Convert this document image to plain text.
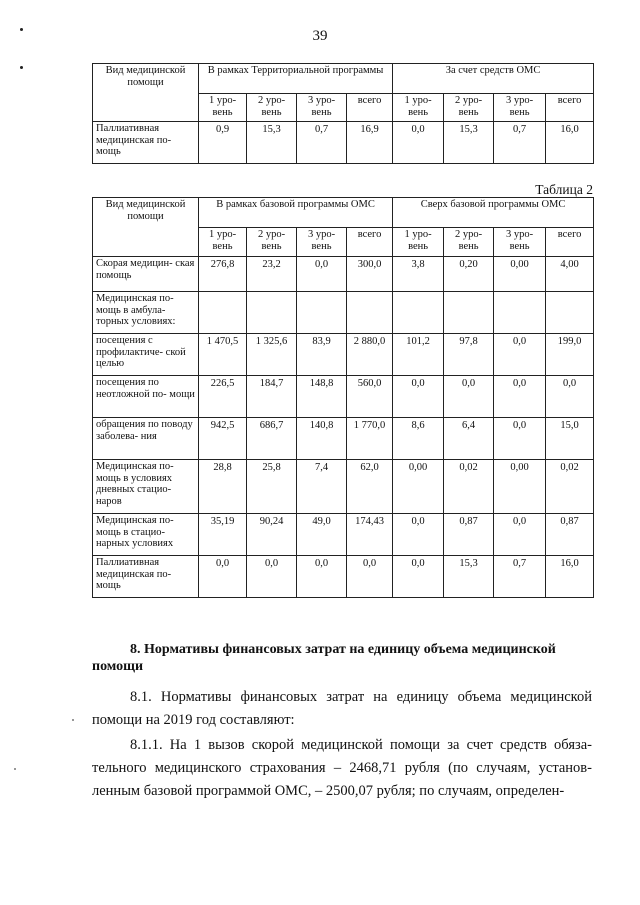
39
Вид медицинской помощи	В рамках Территориальной программы				За счет средств ОМС			
	1 уро- вень	2 уро- вень	3 уро- вень	всего	1 уро- вень	2 уро- вень	3 уро- вень	всего
Паллиативная медицинская по- мощь	0,9	15,3	0,7	16,9	0,0	15,3	0,7	16,0
Таблица 2
Вид медицинской помощи	В рамках базовой программы ОМС				Сверх базовой программы ОМС			
	1 уро- вень	2 уро- вень	3 уро- вень	всего	1 уро- вень	2 уро- вень	3 уро- вень	всего
Скорая медицин- ская помощь	276,8	23,2	0,0	300,0	3,8	0,20	0,00	4,00
Медицинская по- мощь в амбула- торных условиях:								
посещения с профилактиче- ской целью	1 470,5	1 325,6	83,9	2 880,0	101,2	97,8	0,0	199,0
посещения по неотложной по- мощи	226,5	184,7	148,8	560,0	0,0	0,0	0,0	0,0
обращения по поводу заболева- ния	942,5	686,7	140,8	1 770,0	8,6	6,4	0,0	15,0
Медицинская по- мощь в условиях дневных стацио- наров	28,8	25,8	7,4	62,0	0,00	0,02	0,00	0,02
Медицинская по- мощь в стацио- нарных условиях	35,19	90,24	49,0	174,43	0,0	0,87	0,0	0,87
Паллиативная медицинская по- мощь	0,0	0,0	0,0	0,0	0,0	15,3	0,7	16,0
8. Нормативы финансовых затрат на единицу объема медицинской помощи
8.1. Нормативы финансовых затрат на единицу объема медицинской помощи на 2019 год составляют:
8.1.1. На 1 вызов скорой медицинской помощи за счет средств обяза- тельного медицинского страхования – 2468,71 рубля (по случаям, установ- ленным базовой программой ОМС, – 2500,07 рубля; по случаям, определен-
